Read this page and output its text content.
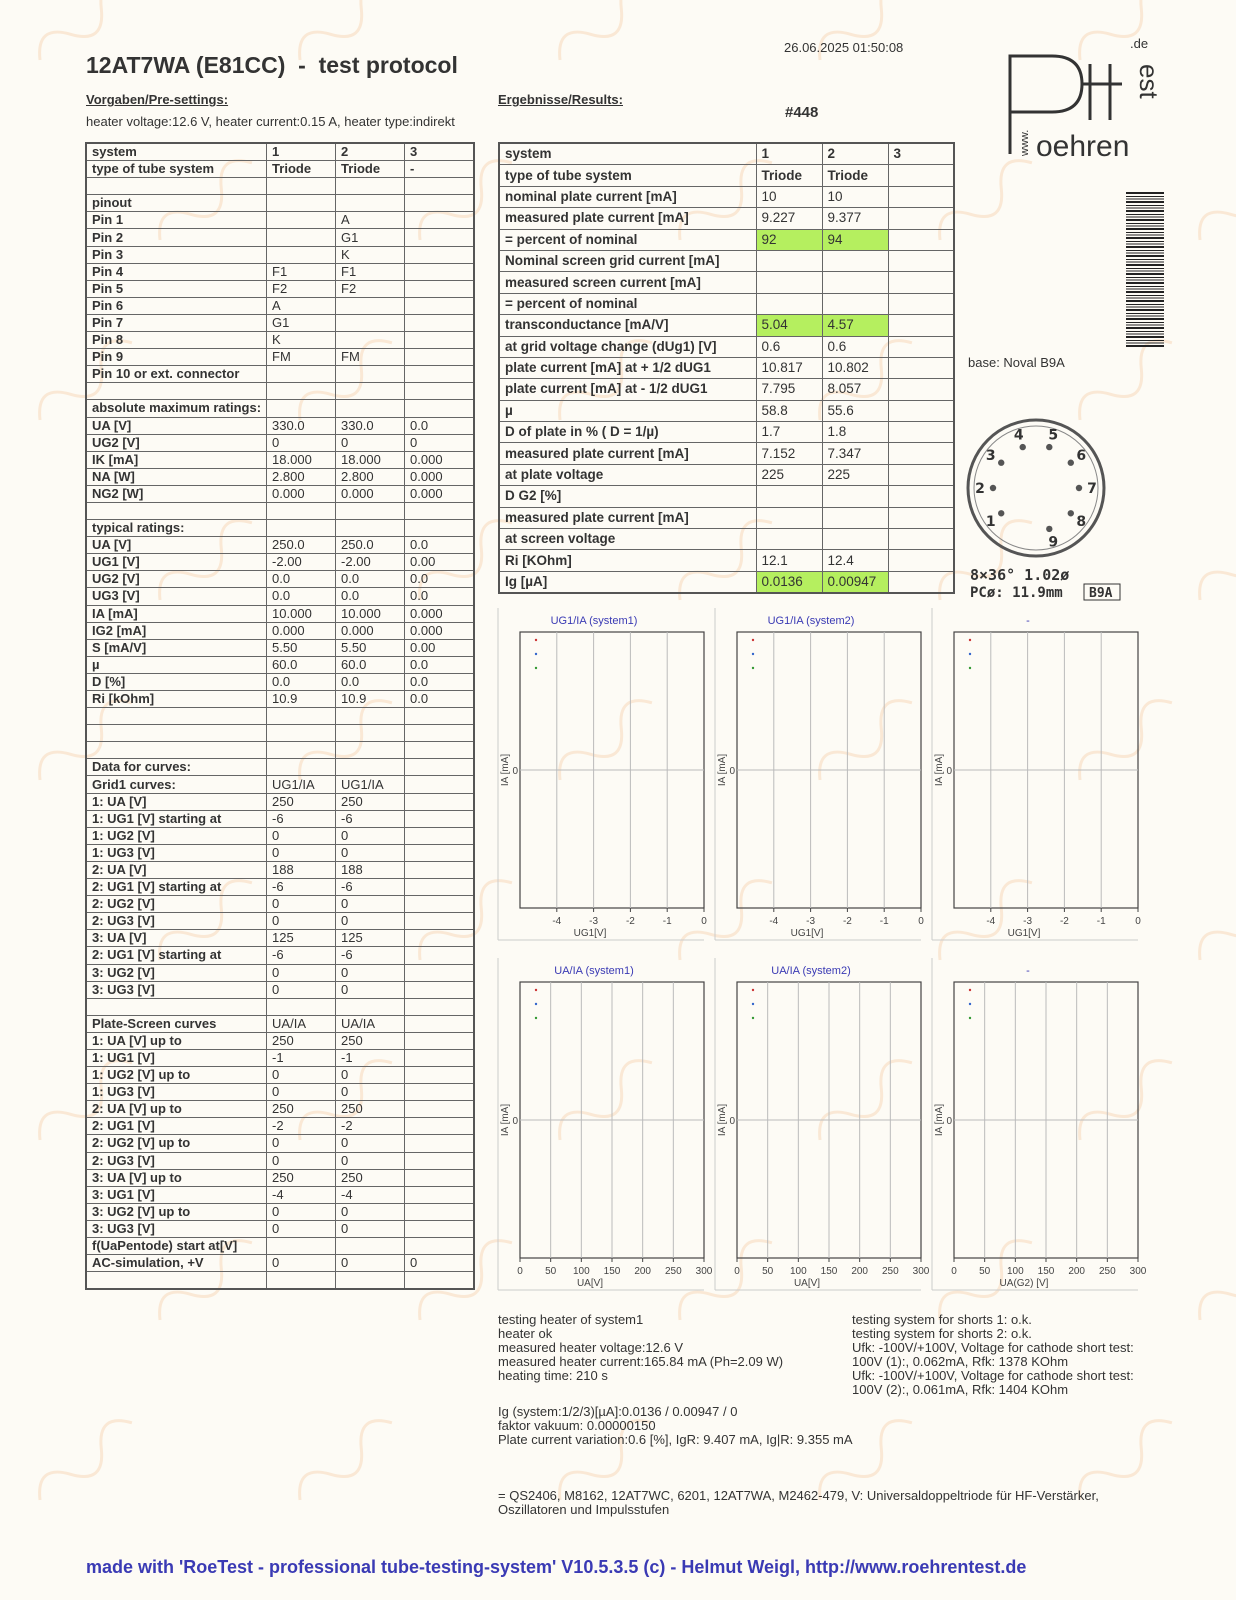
12AT7WA (E81CC)  -  test protocol
26.06.2025 01:50:08
Vorgaben/Pre-settings:	Ergebnisse/Results:
heater voltage:12.6 V, heater current:0.15 A, heater type:indirekt
#448
.de
est
oehren
www.
base: Noval B9A
1
2
3
4 5
6
7
8
9
8×36° 1.02ø
PCø: 11.9mm B9A
system	1	2	3
type of tube system	Triode	Triode	-

pinout			
Pin 1		A	
Pin 2		G1	
Pin 3		K	
Pin 4	F1	F1	
Pin 5	F2	F2	
Pin 6	A		
Pin 7	G1		
Pin 8	K		
Pin 9	FM	FM	
Pin 10 or ext. connector			

absolute maximum ratings:			
UA [V]	330.0	330.0	0.0
UG2 [V]	0	0	0
IK [mA]	18.000	18.000	0.000
NA [W]	2.800	2.800	0.000
NG2 [W]	0.000	0.000	0.000

typical ratings:			
UA [V]	250.0	250.0	0.0
UG1 [V]	-2.00	-2.00	0.00
UG2 [V]	0.0	0.0	0.0
UG3 [V]	0.0	0.0	0.0
IA [mA]	10.000	10.000	0.000
IG2 [mA]	0.000	0.000	0.000
S [mA/V]	5.50	5.50	0.00
µ	60.0	60.0	0.0
D [%]	0.0	0.0	0.0
Ri [kOhm]	10.9	10.9	0.0

Data for curves:			
Grid1 curves:	UG1/IA	UG1/IA	
1: UA [V]	250	250	
1: UG1 [V] starting at	-6	-6	
1: UG2 [V]	0	0	
1: UG3 [V]	0	0	
2: UA [V]	188	188	
2: UG1 [V] starting at	-6	-6	
2: UG2 [V]	0	0	
2: UG3 [V]	0	0	
3: UA [V]	125	125	
2: UG1 [V] starting at	-6	-6	
3: UG2 [V]	0	0	
3: UG3 [V]	0	0	

Plate-Screen curves	UA/IA	UA/IA	
1: UA [V] up to	250	250	
1: UG1 [V]	-1	-1	
1: UG2 [V] up to	0	0	
1: UG3 [V]	0	0	
2: UA [V] up to	250	250	
2: UG1 [V]	-2	-2	
2: UG2 [V] up to	0	0	
2: UG3 [V]	0	0	
3: UA [V] up to	250	250	
3: UG1 [V]	-4	-4	
3: UG2 [V] up to	0	0	
3: UG3 [V]	0	0	
f(UaPentode) start at[V]			
AC-simulation, +V	0	0	0

system	1	2	3
type of tube system	Triode	Triode	
nominal plate current [mA]	10	10	
measured plate current [mA]	9.227	9.377	
= percent of nominal	92	94	
Nominal screen grid current [mA]			
measured screen current [mA]			
= percent of nominal			
transconductance [mA/V]	5.04	4.57	
at grid voltage change (dUg1) [V]	0.6	0.6	
plate current [mA] at + 1/2 dUG1	10.817	10.802	
plate current [mA] at - 1/2 dUG1	7.795	8.057	
µ	58.8	55.6	
D of plate in % ( D = 1/µ)	1.7	1.8	
measured plate current [mA]	7.152	7.347	
at plate voltage	225	225	
D G2 [%]			
measured plate current [mA]			
at screen voltage			
Ri [KOhm]	12.1	12.4	
Ig [µA]	0.0136	0.00947	
UG1/IA (system1)
-4	-3	-2	-1	0
0
UG1[V]
IA [mA]
UG1/IA (system2)
-4	-3	-2	-1	0
0
UG1[V]
IA [mA]
-
-4	-3	-2	-1	0
0
UG1[V]
IA [mA]
UA/IA (system1)
0 50 100 150 200 250 300
0
UA[V]
IA [mA]
UA/IA (system2)
0 50 100 150 200 250 300
0
UA[V]
IA [mA]
-
0 50 100 150 200 250 300
0
UA(G2) [V]
IA [mA]
testing heater of system1
heater ok
measured heater voltage:12.6 V
measured heater current:165.84 mA (Ph=2.09 W)
heating time: 210 s
testing system for shorts 1: o.k.
testing system for shorts 2: o.k.
Ufk: -100V/+100V, Voltage for cathode short test:
100V (1):, 0.062mA, Rfk: 1378 KOhm
Ufk: -100V/+100V, Voltage for cathode short test:
100V (2):, 0.061mA, Rfk: 1404 KOhm
Ig (system:1/2/3)[µA]:0.0136 / 0.00947 / 0
faktor vakuum: 0.00000150
Plate current variation:0.6 [%], IgR: 9.407 mA, Ig|R: 9.355 mA
= QS2406, M8162, 12AT7WC, 6201, 12AT7WA, M2462-479, V: Universaldoppeltriode für HF-Verstärker,
Oszillatoren und Impulsstufen
made with 'RoeTest - professional tube-testing-system' V10.5.3.5 (c) - Helmut Weigl, http://www.roehrentest.de
